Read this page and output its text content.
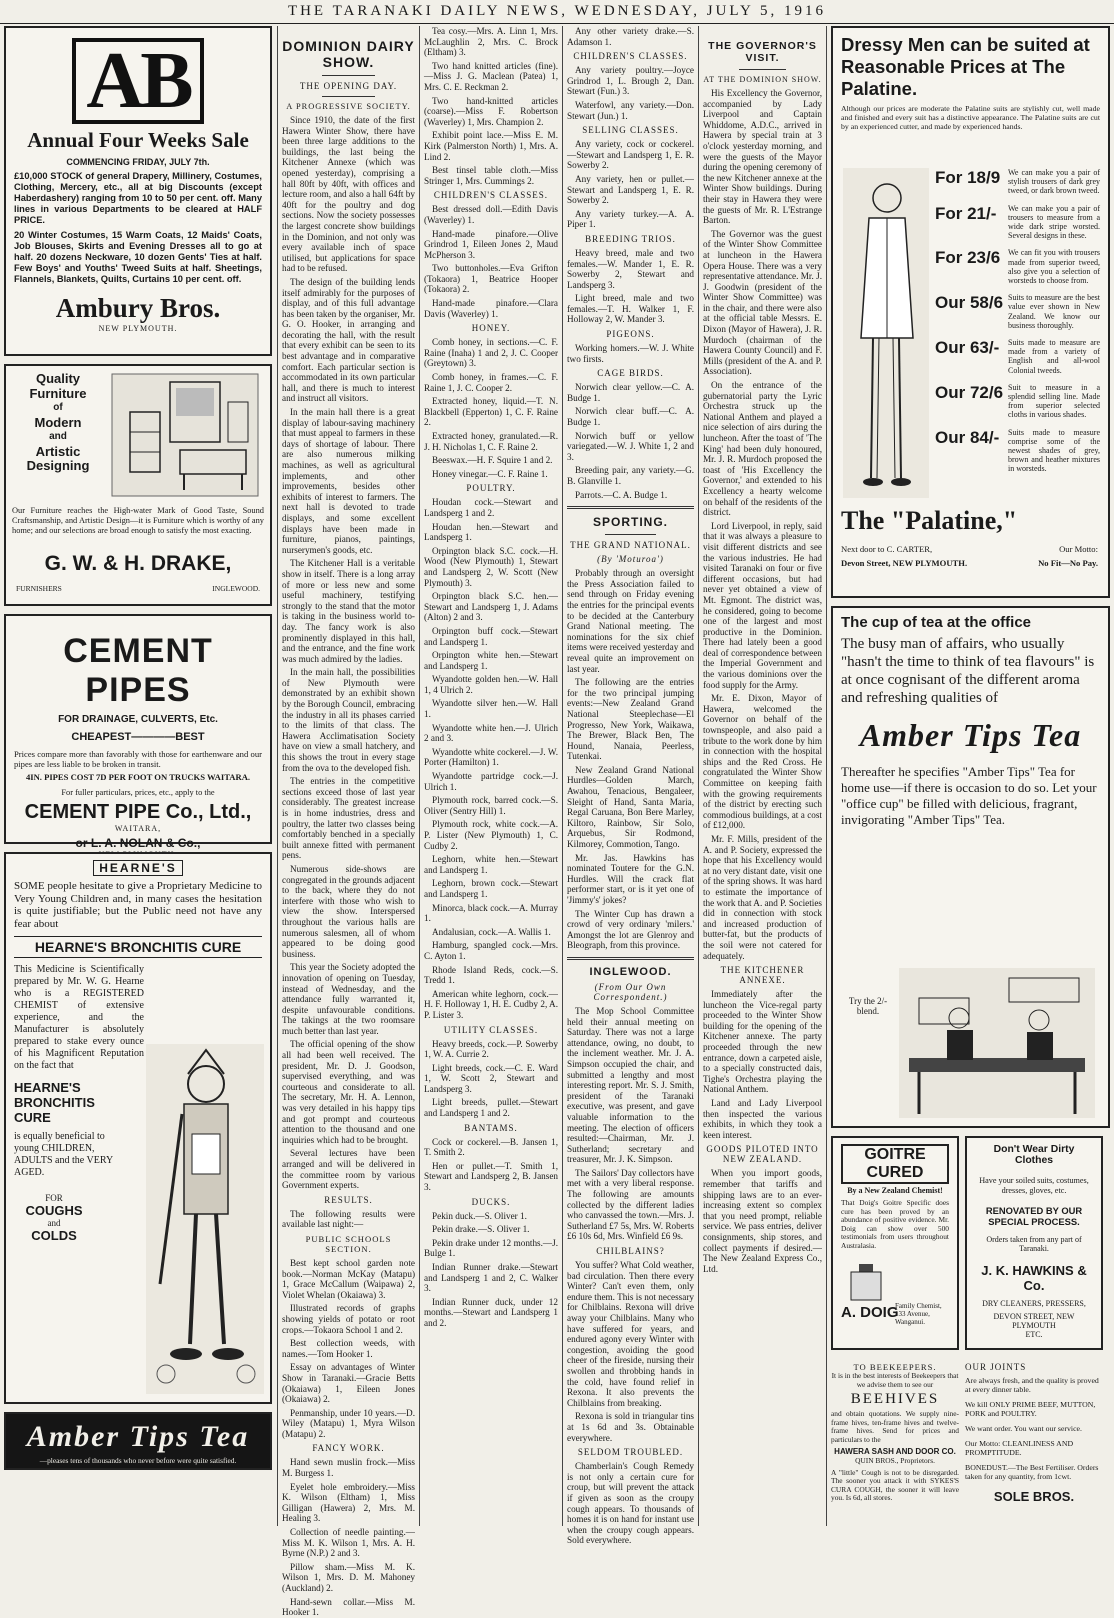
THE TARANAKI DAILY NEWS, WEDNESDAY, JULY 5, 1916
AB
Annual Four Weeks Sale
COMMENCING FRIDAY, JULY 7th.
£10,000 STOCK of general Drapery, Millinery, Costumes, Clothing, Mercery, etc., all at big Discounts (except Haberdashery) ranging from 10 to 50 per cent. off. Many lines in various Departments to be cleared at HALF PRICE.
20 Winter Costumes, 15 Warm Coats, 12 Maids' Coats, Job Blouses, Skirts and Evening Dresses all to go at half. 20 dozens Neckware, 10 dozen Gents' Ties at half. Few Boys' and Youths' Tweed Suits at half. Sheetings, Flannels, Blankets, Quilts, Curtains 10 per cent. off.
Ambury Bros.
NEW PLYMOUTH.
Quality
Furniture
of
Modern
and
Artistic
Designing
Our Furniture reaches the High-water Mark of Good Taste, Sound Craftsmanship, and Artistic Design—it is Furniture which is worthy of any home; and our selections are broad enough to satisfy the most exacting.
G. W. & H. DRAKE,
FURNISHERS	INGLEWOOD.
CEMENT PIPES
FOR DRAINAGE, CULVERTS, Etc.
CHEAPEST————BEST
Prices compare more than favorably with those for earthenware and our pipes are less liable to be broken in transit.
4IN. PIPES COST 7D PER FOOT ON TRUCKS WAITARA.
For fuller particulars, prices, etc., apply to the
CEMENT PIPE Co., Ltd.,
WAITARA,
or L. A. NOLAN & Co.,
HEARNE'S
SOME people hesitate to give a Proprietary Medicine to Very Young Children and, in many cases the hesitation is quite justifiable; but the Public need not have any fear about
HEARNE'S BRONCHITIS CURE
This Medicine is Scientifically prepared by Mr. W. G. Hearne who is a REGISTERED CHEMIST of extensive experience, and the Manufacturer is absolutely prepared to stake every ounce of his Magnificent Reputation on the fact that
HEARNE'S BRONCHITIS CURE
is equally beneficial to young CHILDREN, ADULTS and the VERY AGED.
FOR
COUGHS
and
COLDS
Amber Tips Tea
—pleases tens of thousands who never before were quite satisfied.
DOMINION DAIRY SHOW.
THE OPENING DAY.
A PROGRESSIVE SOCIETY.

Since 1910, the date of the first Hawera Winter Show, there have been three large additions to the buildings, the last being the Kitchener Annexe (which was opened yesterday), comprising a hall 80ft by 40ft, with offices and lecture room, and also a hall 64ft by 40ft for the poultry and dog sections. Now the society possesses the largest concrete show buildings in the Dominion, and not only was every available inch of space utilised, but applications for space had to be refused.

The design of the building lends itself admirably for the purposes of display, and of this full advantage has been taken by the organiser, Mr. G. O. Hooker, in arranging and decorating the hall, with the result that every exhibit can be seen to its best advantage and in comparative comfort. Each particular section is accommodated in its own particular hall, and there is much to interest and instruct all visitors.

In the main hall there is a great display of labour-saving machinery that must appeal to farmers in these days of shortage of labour. There are also numerous milking machines, as well as agricultural implements, and other improvements, besides other exhibits of interest to farmers. The next hall is devoted to trade displays, and some excellent displays have been made in furniture, pianos, paintings, nurserymen's goods, etc.

The Kitchener Hall is a veritable show in itself. There is a long array of more or less new and some useful machinery, testifying strongly to the stand that the motor is taking in the business world to-day. The fancy work is also prominently displayed in this hall, and the entrance, and the fine work was much admired by the ladies.

In the main hall, the possibilities of New Plymouth were demonstrated by an exhibit shown by the Borough Council, embracing the industry in all its phases carried to the limits of that class. The Hawera Acclimatisation Society have on view a small hatchery, and this shows the trout in every stage from the ova to the developed fish.

The entries in the competitive sections exceed those of last year considerably. The greatest increase is in home industries, dress and poultry, the latter two classes being comfortably benched in a specially built annexe fitted with permanent pens.

Numerous side-shows are congregated in the grounds adjacent to the back, where they do not interfere with those who wish to view the show. Interspersed throughout the various halls are numerous salesmen, all of whom appeared to be doing good business.

This year the Society adopted the innovation of opening on Tuesday, instead of Wednesday, and the attendance fully warranted it, despite unfavourable conditions. The takings at the two roomsare much better than last year.

The official opening of the show all had been well received. The president, Mr. D. J. Goodson, supervised everything, and was courteous and considerate to all. The secretary, Mr. H. A. Lennon, was very detailed in his happy tips and got prompt and courteous attention to the thousand and one inquiries which had to be brought.

Several lectures have been arranged and will be delivered in the committee room by various Government experts.

RESULTS.

The following results were available last night:—

PUBLIC SCHOOLS SECTION.

Best kept school garden note book.—Norman McKay (Matapu) 1, Grace McCallum (Waipawa) 2, Violet Whelan (Okaiawa) 3.

Illustrated records of graphs showing yields of potato or root crops.—Tokaora School 1 and 2.

Best collection weeds, with names.—Tom Hooker 1.

Essay on advantages of Winter Show in Taranaki.—Gracie Betts (Okaiawa) 1, Eileen Jones (Okaiawa) 2.

Penmanship, under 10 years.—D. Wiley (Matapu) 1, Myra Wilson (Matapu) 2.

FANCY WORK.

Hand sewn muslin frock.—Miss M. Burgess 1.

Eyelet hole embroidery.—Miss K. Wilson (Eltham) 1, Miss Gilligan (Hawera) 2, Mrs. M. Healing 3.

Collection of needle painting.—Miss M. K. Wilson 1, Mrs. A. H. Byrne (N.P.) 2 and 3.

Pillow sham.—Miss M. K. Wilson 1, Mrs. D. M. Mahoney (Auckland) 2.

Hand-sewn collar.—Miss M. Hooker 1.

Tea cosy.—Mrs. A. Linn 1, Mrs. McLaughlin 2, Mrs. C. Brock (Eltham) 3.

Two hand knitted articles (fine).—Miss J. G. Maclean (Patea) 1, Mrs. C. E. Reckman 2.

Two hand-knitted articles (coarse).—Miss F. Robertson (Waverley) 1, Mrs. Champion 2.

Exhibit point lace.—Miss E. M. Kirk (Palmerston North) 1, Mrs. A. Lind 2.

Best tinsel table cloth.—Miss Stringer 1, Mrs. Cummings 2.

CHILDREN'S CLASSES.

Best dressed doll.—Edith Davis (Waverley) 1.

Hand-made pinafore.—Olive Grindrod 1, Eileen Jones 2, Maud McPherson 3.

Two buttonholes.—Eva Grifton (Tokaora) 1, Beatrice Hooper (Tokaora) 2.

Hand-made pinafore.—Clara Davis (Waverley) 1.

HONEY.

Comb honey, in sections.—C. F. Raine (Inaha) 1 and 2, J. C. Cooper (Greytown) 3.

Comb honey, in frames.—C. F. Raine 1, J. C. Cooper 2.

Extracted honey, liquid.—T. N. Blackbell (Epperton) 1, C. F. Raine 2.

Extracted honey, granulated.—R. J. H. Nicholas 1, C. F. Raine 2.

Beeswax.—H. F. Squire 1 and 2.

Honey vinegar.—C. F. Raine 1.

POULTRY.

Houdan cock.—Stewart and Landsperg 1 and 2.

Houdan hen.—Stewart and Landsperg 1.

Orpington black S.C. cock.—H. Wood (New Plymouth) 1, Stewart and Landsperg 2, W. Scott (New Plymouth) 3.

Orpington black S.C. hen.—Stewart and Landsperg 1, J. Adams (Alton) 2 and 3.

Orpington buff cock.—Stewart and Landsperg 1.

Orpington white hen.—Stewart and Landsperg 1.

Wyandotte golden hen.—W. Hall 1, 4 Ulrich 2.

Wyandotte silver hen.—W. Hall 1.

Wyandotte white hen.—J. Ulrich 2 and 3.

Wyandotte white cockerel.—J. W. Porter (Hamilton) 1.

Wyandotte partridge cock.—J. Ulrich 1.

Plymouth rock, barred cock.—S. Oliver (Sentry Hill) 1.

Plymouth rock, white cock.—A. P. Lister (New Plymouth) 1, C. Cudby 2.

Leghorn, white hen.—Stewart and Landsperg 1.

Leghorn, brown cock.—Stewart and Landsperg 1.

Minorca, black cock.—A. Murray 1.

Andalusian, cock.—A. Wallis 1.

Hamburg, spangled cock.—Mrs. C. Ayton 1.

Rhode Island Reds, cock.—S. Tredd 1.

American white leghorn, cock.—H. F. Holloway 1, H. E. Cudby 2, A. P. Lister 3.

UTILITY CLASSES.

Heavy breeds, cock.—P. Sowerby 1, W. A. Currie 2.

Light breeds, cock.—C. E. Ward 1, W. Scott 2, Stewart and Landsperg 3.

Light breeds, pullet.—Stewart and Landsperg 1 and 2.

BANTAMS.

Cock or cockerel.—B. Jansen 1, T. Smith 2.

Hen or pullet.—T. Smith 1, Stewart and Landsperg 2, B. Jansen 3.

DUCKS.

Pekin duck.—S. Oliver 1.

Pekin drake.—S. Oliver 1.

Pekin drake under 12 months.—J. Bulge 1.

Indian Runner drake.—Stewart and Landsperg 1 and 2, C. Walker 3.

Indian Runner duck, under 12 months.—Stewart and Landsperg 1 and 2.

Any other variety drake.—S. Adamson 1.

CHILDREN'S CLASSES.

Any variety poultry.—Joyce Grindrod 1, L. Brough 2, Dan. Stewart (Fun.) 3.

Waterfowl, any variety.—Don. Stewart (Jun.) 1.

SELLING CLASSES.

Any variety, cock or cockerel.—Stewart and Landsperg 1, E. R. Sowerby 2.

Any variety, hen or pullet.—Stewart and Landsperg 1, E. R. Sowerby 2.

Any variety turkey.—A. A. Piper 1.

BREEDING TRIOS.

Heavy breed, male and two females.—W. Mander 1, E. R. Sowerby 2, Stewart and Landsperg 3.

Light breed, male and two females.—T. H. Walker 1, F. Holloway 2, W. Mander 3.

PIGEONS.

Working homers.—W. J. White two firsts.

CAGE BIRDS.

Norwich clear yellow.—C. A. Budge 1.

Norwich clear buff.—C. A. Budge 1.

Norwich buff or yellow variegated.—W. J. White 1, 2 and 3.

Breeding pair, any variety.—G. B. Glanville 1.

Parrots.—C. A. Budge 1.

SPORTING.
THE GRAND NATIONAL.
(By 'Moturoa')

Probably through an oversight the Press Association failed to send through on Friday evening the entries for the principal events to be decided at the Canterbury Grand National meeting. The nominations for the six chief items were received yesterday and reveal quite an improvement on last year.

The following are the entries for the two principal jumping events:—New Zealand Grand National Steeplechase—El Progresso, New York, Waikawa, The Brewer, Black Ben, The Hound, Nanaia, Peerless, Tutenkai.

New Zealand Grand National Hurdles—Golden March, Awahou, Tenacious, Bengaleer, Sleight of Hand, Santa Maria, Regal Caruana, Bon Bere Marley, Kiltoro, Rainbow, Sir Solo, Arquebus, Sir Rodmond, Kilmorey, Commotion, Tango.

Mr. Jas. Hawkins has nominated Toutere for the G.N. Hurdles. Will the crack flat performer start, or is it yet one of 'Jimmy's' jokes?

The Winter Cup has drawn a crowd of very ordinary 'milers.' Amongst the lot are Glenroy and Bleograph, from this province.

INGLEWOOD.
(From Our Own Correspondent.)

The Mop School Committee held their annual meeting on Saturday. There was not a large attendance, owing, no doubt, to the inclement weather. Mr. J. A. Simpson occupied the chair, and submitted a lengthy and most interesting report. Mr. S. J. Smith, president of the Taranaki executive, was present, and gave valuable information to the meeting. The election of officers resulted:—Chairman, Mr. J. Sutherland; secretary and treasurer, Mr. J. K. Simpson.

The Sailors' Day collectors have met with a very liberal response. The following are amounts collected by the different ladies who canvassed the town.—Mrs. J. Sutherland £7 5s, Mrs. W. Roberts £6 10s 6d, Mrs. Winfield £6 9s.

CHILBLAINS?

You suffer? What Cold weather, bad circulation. Then there every Winter? Can't even them, only endure them. This is not necessary for Chilblains. Rexona will drive away your Chilblains. Many who have suffered for years, and endured agony every Winter with congestion, avoiding the good cheer of the fireside, nursing their swollen and throbbing hands in the cold, have found relief in Rexona. It also prevents the Chilblains from breaking.

Rexona is sold in triangular tins at 1s 6d and 3s. Obtainable everywhere.

SELDOM TROUBLED.

Chamberlain's Cough Remedy is not only a certain cure for croup, but will prevent the attack if given as soon as the croupy cough appears. To thousands of homes it is on hand for instant use when the croupy cough appears. Sold everywhere.

THE GOVERNOR'S VISIT.
AT THE DOMINION SHOW.

His Excellency the Governor, accompanied by Lady Liverpool and Captain Whiddome, A.D.C., arrived in Hawera by special train at 3 o'clock yesterday morning, and were the guests of the Mayor during the opening ceremony of the new Kitchener annexe at the Winter Show buildings. During their stay in Hawera they were the guests of Mr. R. L'Estrange Barton.

The Governor was the guest of the Winter Show Committee at luncheon in the Hawera Opera House. There was a very representative attendance. Mr. J. J. Goodwin (president of the Winter Show Committee) was in the chair, and there were also at the official table Messrs. E. Dixon (Mayor of Hawera), J. R. Murdoch (chairman of the Hawera County Council) and F. Mills (president of the A. and P. Association).

On the entrance of the gubernatorial party the Lyric Orchestra struck up the National Anthem and played a nice selection of airs during the luncheon. After the toast of 'The King' had been duly honoured, Mr. J. R. Murdoch proposed the toast of 'His Excellency the Governor,' and extended to his Excellency a hearty welcome on behalf of the residents of the district.

Lord Liverpool, in reply, said that it was always a pleasure to visit different districts and see the various industries. He had visited Taranaki on four or five different occasions, but had never yet obtained a view of Mt. Egmont. The district was, he considered, going to become one of the largest and most productive in the Dominion. There had lately been a good deal of correspondence between the Imperial Government and the various dominions over the food supply for the Army.

Mr. E. Dixon, Mayor of Hawera, welcomed the Governor on behalf of the townspeople, and also paid a tribute to the work done by him in connection with the hospital ships and the Red Cross. He congratulated the Winter Show Committee on keeping faith with the growing requirements of the district by erecting such commodious buildings, at a cost of £12,000.

Mr. F. Mills, president of the A. and P. Society, expressed the hope that his Excellency would at no very distant date, visit one of the spring shows. It was hard to estimate the importance of the work that A. and P. Societies did in connection with stock and increased production of butter-fat, but the products of the soil were not catered for adequately.

THE KITCHENER ANNEXE.

Immediately after the luncheon the Vice-regal party proceeded to the Winter Show building for the opening of the Kitchener annexe. The party proceeded through the new entrance, down a carpeted aisle, to a specially constructed dais, Tighe's Orchestra playing the National Anthem.

Land and Lady Liverpool then inspected the various exhibits, in which they took a keen interest.

GOODS PILOTED INTO NEW ZEALAND.

When you import goods, remember that tariffs and shipping laws are to an ever-increasing extent so complex that you need prompt, reliable service. We pass entries, deliver consignments, ship stores, and collect payments if desired.—The New Zealand Express Co., Ltd.

Dressy Men can be suited at Reasonable Prices at The Palatine.
Although our prices are moderate the Palatine suits are stylishly cut, well made and finished and every suit has a distinctive appearance. The Palatine suits are cut by an experienced cutter, and made by experienced hands.
For 18/9 We can make you a pair of stylish trousers of dark grey tweed, or dark brown tweed.
For 21/- We can make you a pair of trousers to measure from a wide dark stripe worsted. Several designs in these.
For 23/6 We can fit you with trousers made from superior tweed, also give you a selection of worsteds to choose from.
Our 58/6 Suits to measure are the best value ever shown in New Zealand. We know our business thoroughly.
Our 63/- Suits made to measure are made from a variety of English and all-wool Colonial tweeds.
Our 72/6 Suit to measure in a splendid selling line. Made from superior selected cloths in various shades.
Our 84/- Suits made to measure comprise some of the newest shades of grey, brown and heather mixtures in worsteds.
The "Palatine,"
Next door to C. CARTER,
Devon Street, NEW PLYMOUTH.
Our Motto:
No Fit—No Pay.
The cup of tea at the office
The busy man of affairs, who usually "hasn't the time to think of tea flavours" is at once cognisant of the different aroma and refreshing qualities of
Amber Tips Tea
Thereafter he specifies "Amber Tips" Tea for home use—if there is occasion to do so. Let your "office cup" be filled with delicious, fragrant, invigorating "Amber Tips" Tea.
Try the 2/- blend.
GOITRE CURED
By a New Zealand Chemist!
That Doig's Goitre Specific does cure has been proved by an abundance of positive evidence. Mr. Doig can show over 500 testimonials from users throughout Australasia.
A. DOIG
Family Chemist, 133 Avenue, Wanganui.
Don't Wear Dirty Clothes
Have your soiled suits, costumes, dresses, gloves, etc.
RENOVATED BY OUR SPECIAL PROCESS.
Orders taken from any part of Taranaki.
J. K. HAWKINS & Co.
DRY CLEANERS, PRESSERS,
DEVON STREET, NEW PLYMOUTH
ETC.
TO BEEKEEPERS.
It is in the best interests of Beekeepers that we advise them to see our
BEEHIVES
and obtain quotations. We supply nine-frame hives, ten-frame hives and twelve-frame hives. Send for prices and particulars to the
HAWERA SASH AND DOOR CO.
QUIN BROS., Proprietors.
A "little" Cough is not to be disregarded. The sooner you attack it with SYKES'S CURA COUGH, the sooner it will leave you. Is 6d, all stores.
OUR JOINTS
Are always fresh, and the quality is proved at every dinner table.
We kill ONLY PRIME BEEF, MUTTON, PORK and POULTRY.
We want order. You want our service.
Our Motto: CLEANLINESS AND PROMPTITUDE.
BONEDUST.—The Best Fertiliser. Orders taken for any quantity, from 1cwt.
SOLE BROS.
